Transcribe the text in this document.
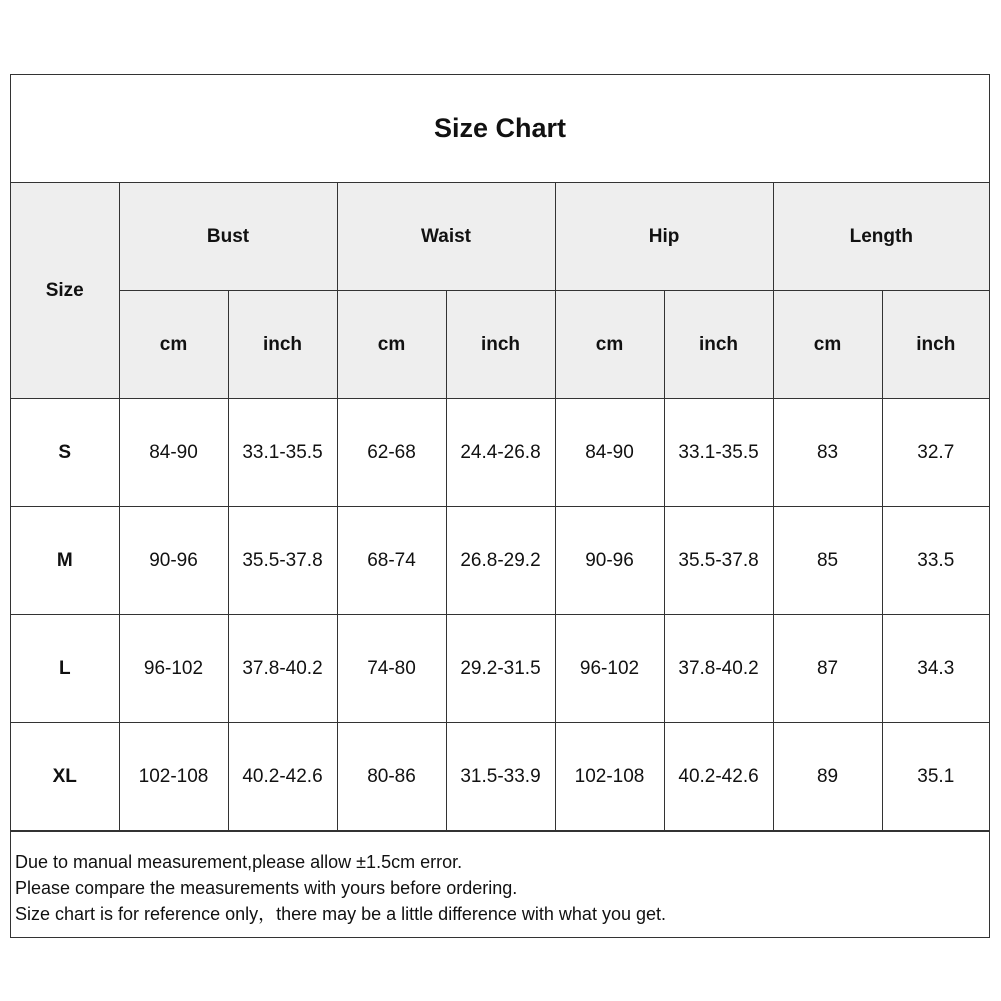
Size Chart
Size	Bust		Waist		Hip		Length	
	cm	inch	cm	inch	cm	inch	cm	inch
S	84-90	33.1-35.5	62-68	24.4-26.8	84-90	33.1-35.5	83	32.7
M	90-96	35.5-37.8	68-74	26.8-29.2	90-96	35.5-37.8	85	33.5
L	96-102	37.8-40.2	74-80	29.2-31.5	96-102	37.8-40.2	87	34.3
XL	102-108	40.2-42.6	80-86	31.5-33.9	102-108	40.2-42.6	89	35.1
Due to manual measurement,please allow ±1.5cm error.
Please compare the measurements with yours before ordering.
Size chart is for reference only，there may be a little difference with what you get.
